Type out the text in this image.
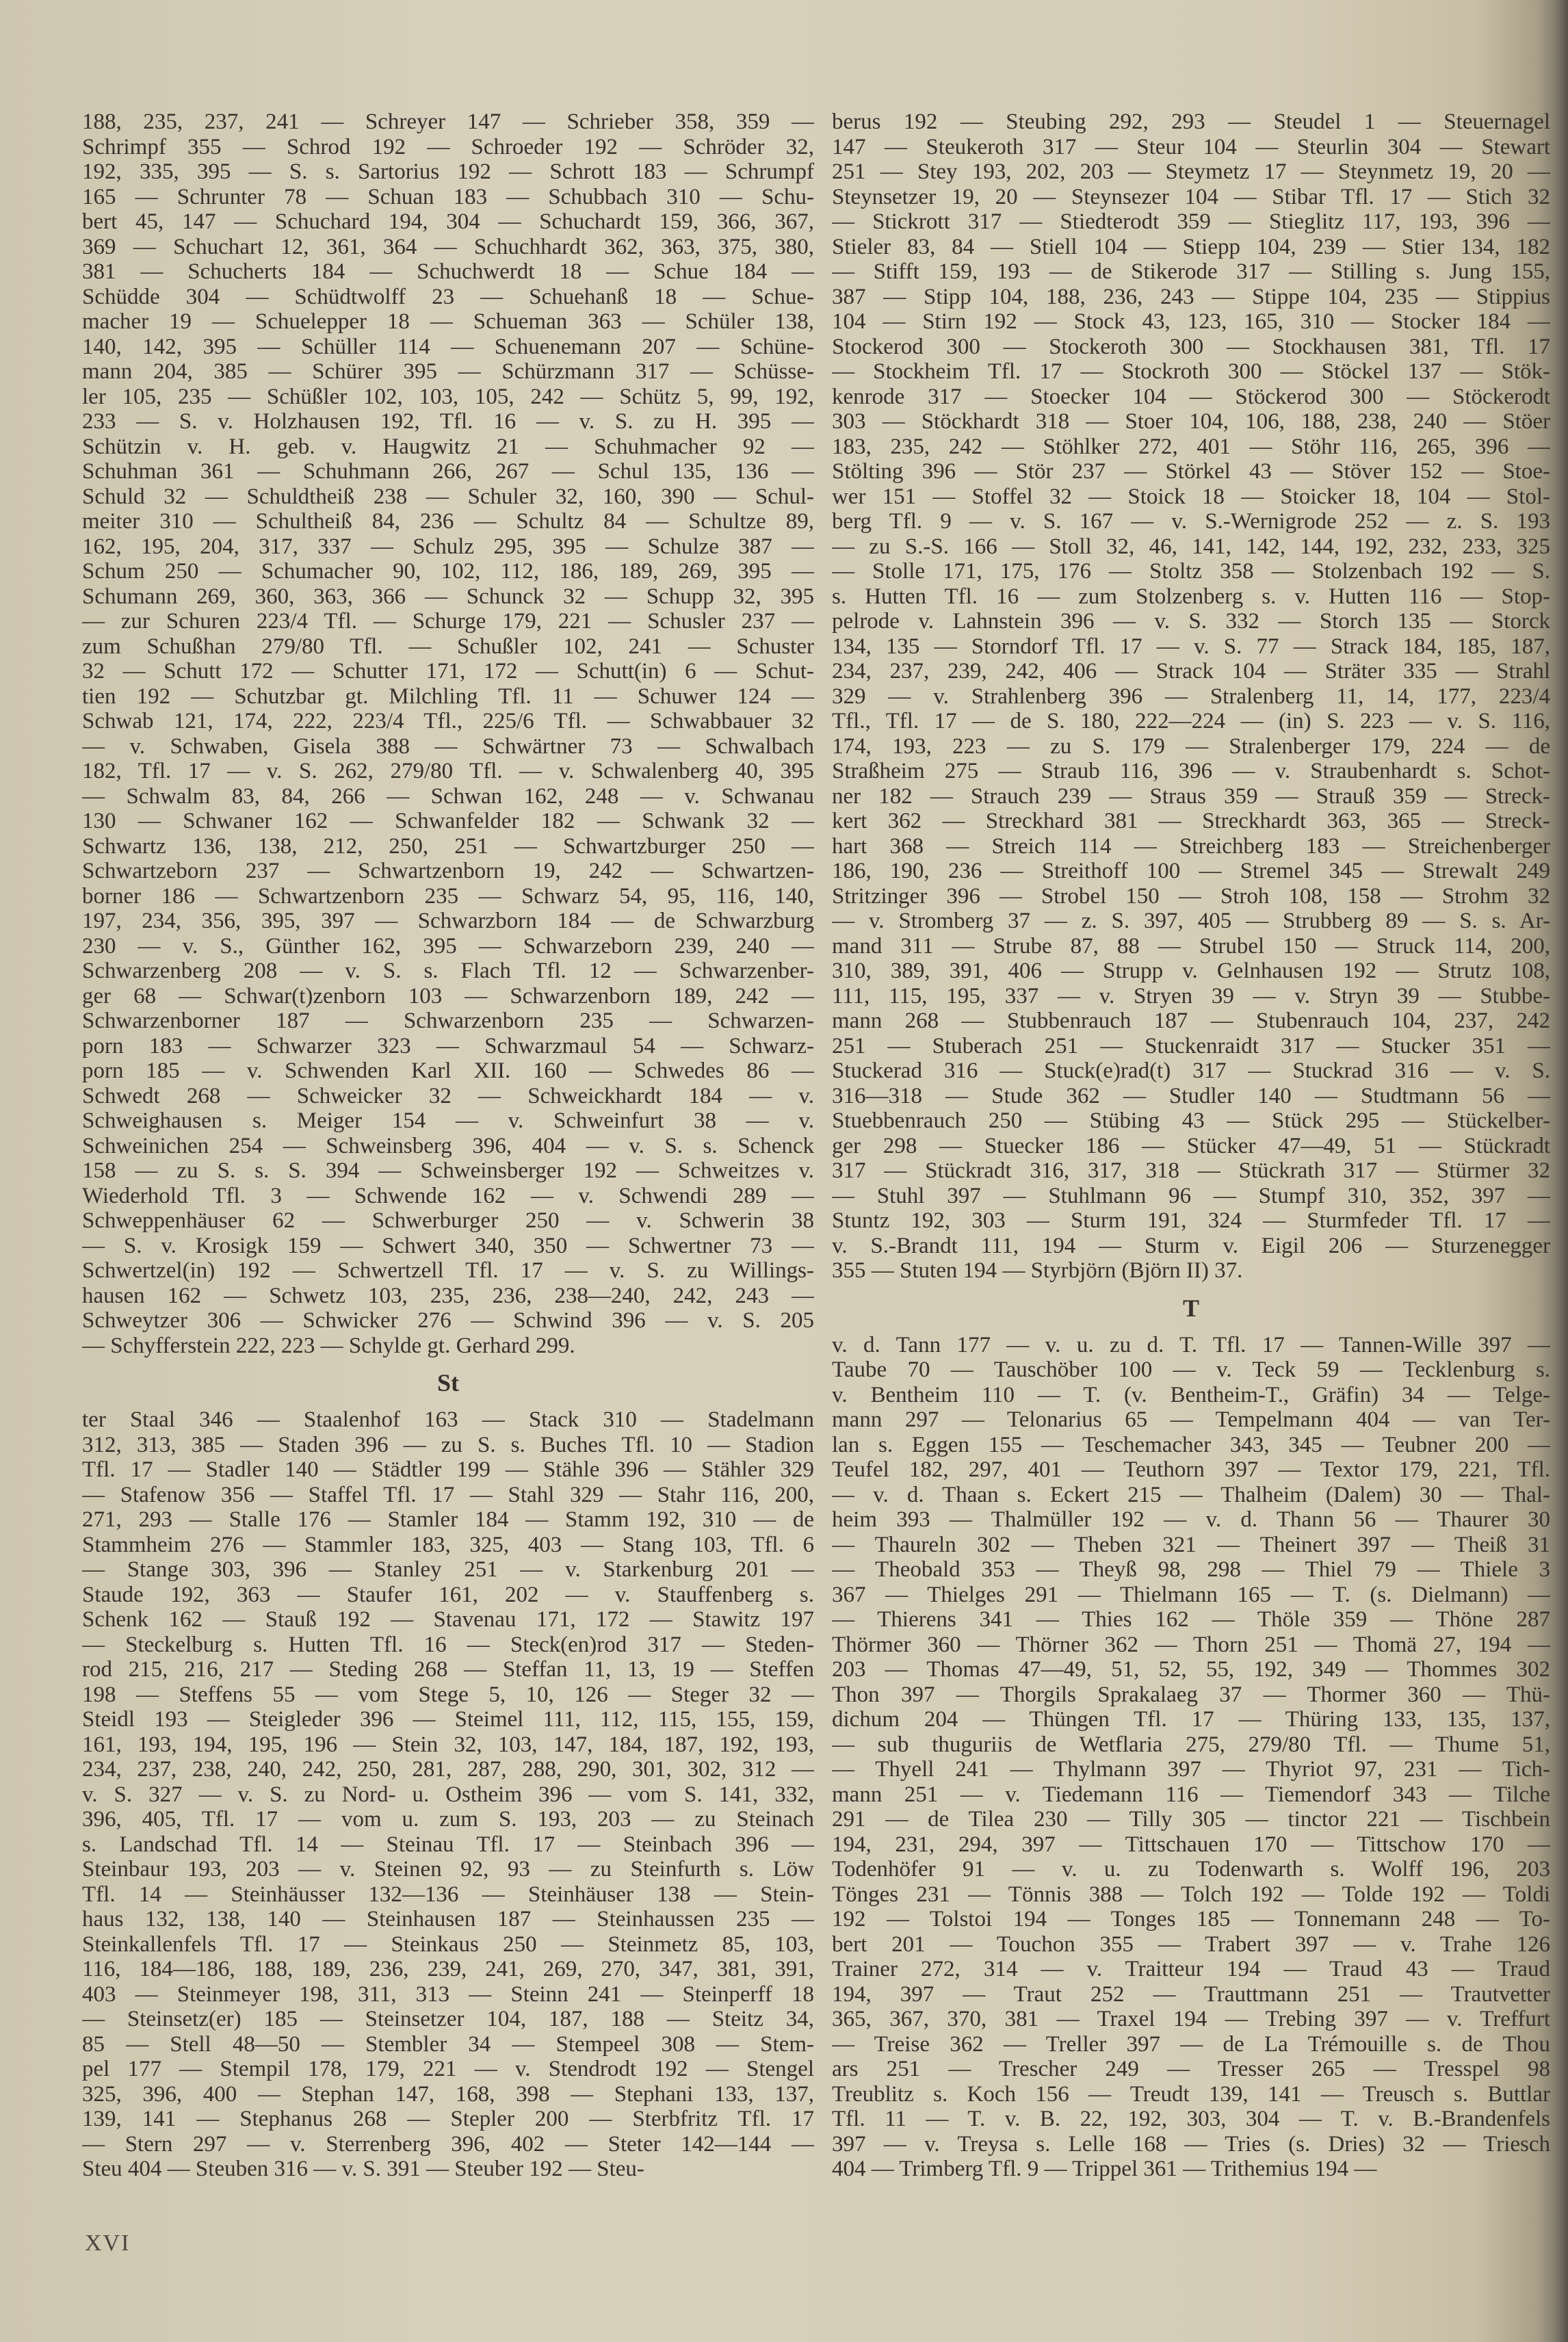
188, 235, 237, 241 — Schreyer 147 — Schrieber 358, 359 —
Schrimpf 355 — Schrod 192 — Schroeder 192 — Schröder 32,
192, 335, 395 — S. s. Sartorius 192 — Schrott 183 — Schrumpf
165 — Schrunter 78 — Schuan 183 — Schubbach 310 — Schu-
bert 45, 147 — Schuchard 194, 304 — Schuchardt 159, 366, 367,
369 — Schuchart 12, 361, 364 — Schuchhardt 362, 363, 375, 380,
381 — Schucherts 184 — Schuchwerdt 18 — Schue 184 —
Schüdde 304 — Schüdtwolff 23 — Schuehanß 18 — Schue-
macher 19 — Schuelepper 18 — Schueman 363 — Schüler 138,
140, 142, 395 — Schüller 114 — Schuenemann 207 — Schüne-
mann 204, 385 — Schürer 395 — Schürzmann 317 — Schüsse-
ler 105, 235 — Schüßler 102, 103, 105, 242 — Schütz 5, 99, 192,
233 — S. v. Holzhausen 192, Tfl. 16 — v. S. zu H. 395 —
Schützin v. H. geb. v. Haugwitz 21 — Schuhmacher 92 —
Schuhman 361 — Schuhmann 266, 267 — Schul 135, 136 —
Schuld 32 — Schuldtheiß 238 — Schuler 32, 160, 390 — Schul-
meiter 310 — Schultheiß 84, 236 — Schultz 84 — Schultze 89,
162, 195, 204, 317, 337 — Schulz 295, 395 — Schulze 387 —
Schum 250 — Schumacher 90, 102, 112, 186, 189, 269, 395 —
Schumann 269, 360, 363, 366 — Schunck 32 — Schupp 32, 395
— zur Schuren 223/4 Tfl. — Schurge 179, 221 — Schusler 237 —
zum Schußhan 279/80 Tfl. — Schußler 102, 241 — Schuster
32 — Schutt 172 — Schutter 171, 172 — Schutt(in) 6 — Schut-
tien 192 — Schutzbar gt. Milchling Tfl. 11 — Schuwer 124 —
Schwab 121, 174, 222, 223/4 Tfl., 225/6 Tfl. — Schwabbauer 32
— v. Schwaben, Gisela 388 — Schwärtner 73 — Schwalbach
182, Tfl. 17 — v. S. 262, 279/80 Tfl. — v. Schwalenberg 40, 395
— Schwalm 83, 84, 266 — Schwan 162, 248 — v. Schwanau
130 — Schwaner 162 — Schwanfelder 182 — Schwank 32 —
Schwartz 136, 138, 212, 250, 251 — Schwartzburger 250 —
Schwartzeborn 237 — Schwartzenborn 19, 242 — Schwartzen-
borner 186 — Schwartzenborn 235 — Schwarz 54, 95, 116, 140,
197, 234, 356, 395, 397 — Schwarzborn 184 — de Schwarzburg
230 — v. S., Günther 162, 395 — Schwarzeborn 239, 240 —
Schwarzenberg 208 — v. S. s. Flach Tfl. 12 — Schwarzenber-
ger 68 — Schwar(t)zenborn 103 — Schwarzenborn 189, 242 —
Schwarzenborner 187 — Schwarzenborn 235 — Schwarzen-
porn 183 — Schwarzer 323 — Schwarzmaul 54 — Schwarz-
porn 185 — v. Schwenden Karl XII. 160 — Schwedes 86 —
Schwedt 268 — Schweicker 32 — Schweickhardt 184 — v.
Schweighausen s. Meiger 154 — v. Schweinfurt 38 — v.
Schweinichen 254 — Schweinsberg 396, 404 — v. S. s. Schenck
158 — zu S. s. S. 394 — Schweinsberger 192 — Schweitzes v.
Wiederhold Tfl. 3 — Schwende 162 — v. Schwendi 289 —
Schweppenhäuser 62 — Schwerburger 250 — v. Schwerin 38
— S. v. Krosigk 159 — Schwert 340, 350 — Schwertner 73 —
Schwertzel(in) 192 — Schwertzell Tfl. 17 — v. S. zu Willings-
hausen 162 — Schwetz 103, 235, 236, 238—240, 242, 243 —
Schweytzer 306 — Schwicker 276 — Schwind 396 — v. S. 205
— Schyfferstein 222, 223 — Schylde gt. Gerhard 299.
St
ter Staal 346 — Staalenhof 163 — Stack 310 — Stadelmann
312, 313, 385 — Staden 396 — zu S. s. Buches Tfl. 10 — Stadion
Tfl. 17 — Stadler 140 — Städtler 199 — Stähle 396 — Stähler 329
— Stafenow 356 — Staffel Tfl. 17 — Stahl 329 — Stahr 116, 200,
271, 293 — Stalle 176 — Stamler 184 — Stamm 192, 310 — de
Stammheim 276 — Stammler 183, 325, 403 — Stang 103, Tfl. 6
— Stange 303, 396 — Stanley 251 — v. Starkenburg 201 —
Staude 192, 363 — Staufer 161, 202 — v. Stauffenberg s.
Schenk 162 — Stauß 192 — Stavenau 171, 172 — Stawitz 197
— Steckelburg s. Hutten Tfl. 16 — Steck(en)rod 317 — Steden-
rod 215, 216, 217 — Steding 268 — Steffan 11, 13, 19 — Steffen
198 — Steffens 55 — vom Stege 5, 10, 126 — Steger 32 —
Steidl 193 — Steigleder 396 — Steimel 111, 112, 115, 155, 159,
161, 193, 194, 195, 196 — Stein 32, 103, 147, 184, 187, 192, 193,
234, 237, 238, 240, 242, 250, 281, 287, 288, 290, 301, 302, 312 —
v. S. 327 — v. S. zu Nord- u. Ostheim 396 — vom S. 141, 332,
396, 405, Tfl. 17 — vom u. zum S. 193, 203 — zu Steinach
s. Landschad Tfl. 14 — Steinau Tfl. 17 — Steinbach 396 —
Steinbaur 193, 203 — v. Steinen 92, 93 — zu Steinfurth s. Löw
Tfl. 14 — Steinhäusser 132—136 — Steinhäuser 138 — Stein-
haus 132, 138, 140 — Steinhausen 187 — Steinhaussen 235 —
Steinkallenfels Tfl. 17 — Steinkaus 250 — Steinmetz 85, 103,
116, 184—186, 188, 189, 236, 239, 241, 269, 270, 347, 381, 391,
403 — Steinmeyer 198, 311, 313 — Steinn 241 — Steinperff 18
— Steinsetz(er) 185 — Steinsetzer 104, 187, 188 — Steitz 34,
85 — Stell 48—50 — Stembler 34 — Stempeel 308 — Stem-
pel 177 — Stempil 178, 179, 221 — v. Stendrodt 192 — Stengel
325, 396, 400 — Stephan 147, 168, 398 — Stephani 133, 137,
139, 141 — Stephanus 268 — Stepler 200 — Sterbfritz Tfl. 17
— Stern 297 — v. Sterrenberg 396, 402 — Steter 142—144 —
Steu 404 — Steuben 316 — v. S. 391 — Steuber 192 — Steu-
berus 192 — Steubing 292, 293 — Steudel 1 — Steuernagel
147 — Steukeroth 317 — Steur 104 — Steurlin 304 — Stewart
251 — Stey 193, 202, 203 — Steymetz 17 — Steynmetz 19, 20 —
Steynsetzer 19, 20 — Steynsezer 104 — Stibar Tfl. 17 — Stich 32
— Stickrott 317 — Stiedterodt 359 — Stieglitz 117, 193, 396 —
Stieler 83, 84 — Stiell 104 — Stiepp 104, 239 — Stier 134, 182
— Stifft 159, 193 — de Stikerode 317 — Stilling s. Jung 155,
387 — Stipp 104, 188, 236, 243 — Stippe 104, 235 — Stippius
104 — Stirn 192 — Stock 43, 123, 165, 310 — Stocker 184 —
Stockerod 300 — Stockeroth 300 — Stockhausen 381, Tfl. 17
— Stockheim Tfl. 17 — Stockroth 300 — Stöckel 137 — Stök-
kenrode 317 — Stoecker 104 — Stöckerod 300 — Stöckerodt
303 — Stöckhardt 318 — Stoer 104, 106, 188, 238, 240 — Stöer
183, 235, 242 — Stöhlker 272, 401 — Stöhr 116, 265, 396 —
Stölting 396 — Stör 237 — Störkel 43 — Stöver 152 — Stoe-
wer 151 — Stoffel 32 — Stoick 18 — Stoicker 18, 104 — Stol-
berg Tfl. 9 — v. S. 167 — v. S.-Wernigrode 252 — z. S. 193
— zu S.-S. 166 — Stoll 32, 46, 141, 142, 144, 192, 232, 233, 325
— Stolle 171, 175, 176 — Stoltz 358 — Stolzenbach 192 — S.
s. Hutten Tfl. 16 — zum Stolzenberg s. v. Hutten 116 — Stop-
pelrode v. Lahnstein 396 — v. S. 332 — Storch 135 — Storck
134, 135 — Storndorf Tfl. 17 — v. S. 77 — Strack 184, 185, 187,
234, 237, 239, 242, 406 — Strack 104 — Sträter 335 — Strahl
329 — v. Strahlenberg 396 — Stralenberg 11, 14, 177, 223/4
Tfl., Tfl. 17 — de S. 180, 222—224 — (in) S. 223 — v. S. 116,
174, 193, 223 — zu S. 179 — Stralenberger 179, 224 — de
Straßheim 275 — Straub 116, 396 — v. Straubenhardt s. Schot-
ner 182 — Strauch 239 — Straus 359 — Strauß 359 — Streck-
kert 362 — Streckhard 381 — Streckhardt 363, 365 — Streck-
hart 368 — Streich 114 — Streichberg 183 — Streichenberger
186, 190, 236 — Streithoff 100 — Stremel 345 — Strewalt 249
Stritzinger 396 — Strobel 150 — Stroh 108, 158 — Strohm 32
— v. Stromberg 37 — z. S. 397, 405 — Strubberg 89 — S. s. Ar-
mand 311 — Strube 87, 88 — Strubel 150 — Struck 114, 200,
310, 389, 391, 406 — Strupp v. Gelnhausen 192 — Strutz 108,
111, 115, 195, 337 — v. Stryen 39 — v. Stryn 39 — Stubbe-
mann 268 — Stubbenrauch 187 — Stubenrauch 104, 237, 242
251 — Stuberach 251 — Stuckenraidt 317 — Stucker 351 —
Stuckerad 316 — Stuck(e)rad(t) 317 — Stuckrad 316 — v. S.
316—318 — Stude 362 — Studler 140 — Studtmann 56 —
Stuebbenrauch 250 — Stübing 43 — Stück 295 — Stückelber-
ger 298 — Stuecker 186 — Stücker 47—49, 51 — Stückradt
317 — Stückradt 316, 317, 318 — Stückrath 317 — Stürmer 32
— Stuhl 397 — Stuhlmann 96 — Stumpf 310, 352, 397 —
Stuntz 192, 303 — Sturm 191, 324 — Sturmfeder Tfl. 17 —
v. S.-Brandt 111, 194 — Sturm v. Eigil 206 — Sturzenegger
355 — Stuten 194 — Styrbjörn (Björn II) 37.
T
v. d. Tann 177 — v. u. zu d. T. Tfl. 17 — Tannen-Wille 397 —
Taube 70 — Tauschöber 100 — v. Teck 59 — Tecklenburg s.
v. Bentheim 110 — T. (v. Bentheim-T., Gräfin) 34 — Telge-
mann 297 — Telonarius 65 — Tempelmann 404 — van Ter-
lan s. Eggen 155 — Teschemacher 343, 345 — Teubner 200 —
Teufel 182, 297, 401 — Teuthorn 397 — Textor 179, 221, Tfl.
— v. d. Thaan s. Eckert 215 — Thalheim (Dalem) 30 — Thal-
heim 393 — Thalmüller 192 — v. d. Thann 56 — Thaurer 30
— Thaureln 302 — Theben 321 — Theinert 397 — Theiß 31
— Theobald 353 — Theyß 98, 298 — Thiel 79 — Thiele 3
367 — Thielges 291 — Thielmann 165 — T. (s. Dielmann) —
— Thierens 341 — Thies 162 — Thöle 359 — Thöne 287
Thörmer 360 — Thörner 362 — Thorn 251 — Thomä 27, 194 —
203 — Thomas 47—49, 51, 52, 55, 192, 349 — Thommes 302
Thon 397 — Thorgils Sprakalaeg 37 — Thormer 360 — Thü-
dichum 204 — Thüngen Tfl. 17 — Thüring 133, 135, 137,
— sub thuguriis de Wetflaria 275, 279/80 Tfl. — Thume 51,
— Thyell 241 — Thylmann 397 — Thyriot 97, 231 — Tich-
mann 251 — v. Tiedemann 116 — Tiemendorf 343 — Tilche
291 — de Tilea 230 — Tilly 305 — tinctor 221 — Tischbein
194, 231, 294, 397 — Tittschauen 170 — Tittschow 170 —
Todenhöfer 91 — v. u. zu Todenwarth s. Wolff 196, 203
Tönges 231 — Tönnis 388 — Tolch 192 — Tolde 192 — Toldi
192 — Tolstoi 194 — Tonges 185 — Tonnemann 248 — To-
bert 201 — Touchon 355 — Trabert 397 — v. Trahe 126
Trainer 272, 314 — v. Traitteur 194 — Traud 43 — Traud
194, 397 — Traut 252 — Trauttmann 251 — Trautvetter
365, 367, 370, 381 — Traxel 194 — Trebing 397 — v. Treffurt
— Treise 362 — Treller 397 — de La Trémouille s. de Thou
ars 251 — Trescher 249 — Tresser 265 — Tresspel 98
Treublitz s. Koch 156 — Treudt 139, 141 — Treusch s. Buttlar
Tfl. 11 — T. v. B. 22, 192, 303, 304 — T. v. B.-Brandenfels
397 — v. Treysa s. Lelle 168 — Tries (s. Dries) 32 — Triesch
404 — Trimberg Tfl. 9 — Trippel 361 — Trithemius 194 —
XVI
